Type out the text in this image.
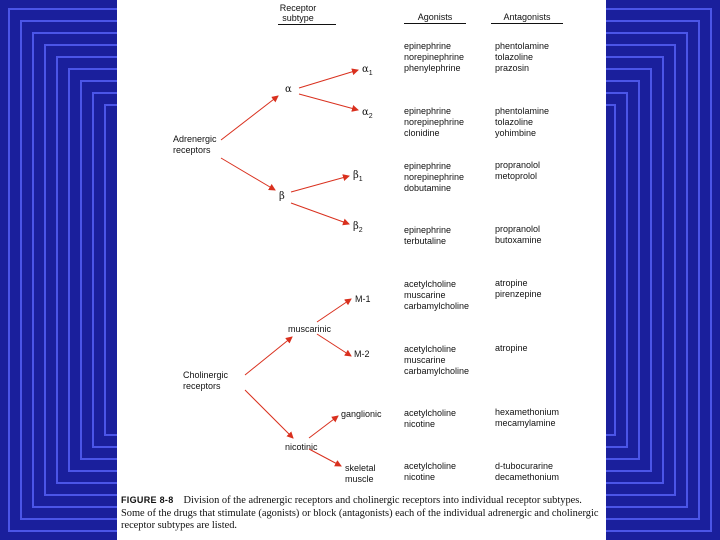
Receptor
subtype	Agonists	Antagonists
Adrenergic
receptors
Cholinergic
receptors
α
β
muscarinic
nicotinic
$\alpha_1$
$\alpha_2$
$\beta_1$
$\beta_2$
M-1
M-2
ganglionic
skeletal
muscle
epinephrine
norepinephrine
phenylephrine
epinephrine
norepinephrine
clonidine
epinephrine
norepinephrine
dobutamine
epinephrine
terbutaline
acetylcholine
muscarine
carbamylcholine
acetylcholine
muscarine
carbamylcholine
acetylcholine
nicotine
acetylcholine
nicotine
phentolamine
tolazoline
prazosin
phentolamine
tolazoline
yohimbine
propranolol
metoprolol
propranolol
butoxamine
atropine
pirenzepine
atropine
hexamethonium
mecamylamine
d-tubocurarine
decamethonium
FIGURE 8-8 Division of the adrenergic receptors and cholinergic receptors into individual receptor subtypes. Some of the drugs that stimulate (agonists) or block (antagonists) each of the individual adrenergic and cholinergic receptor subtypes are listed.
